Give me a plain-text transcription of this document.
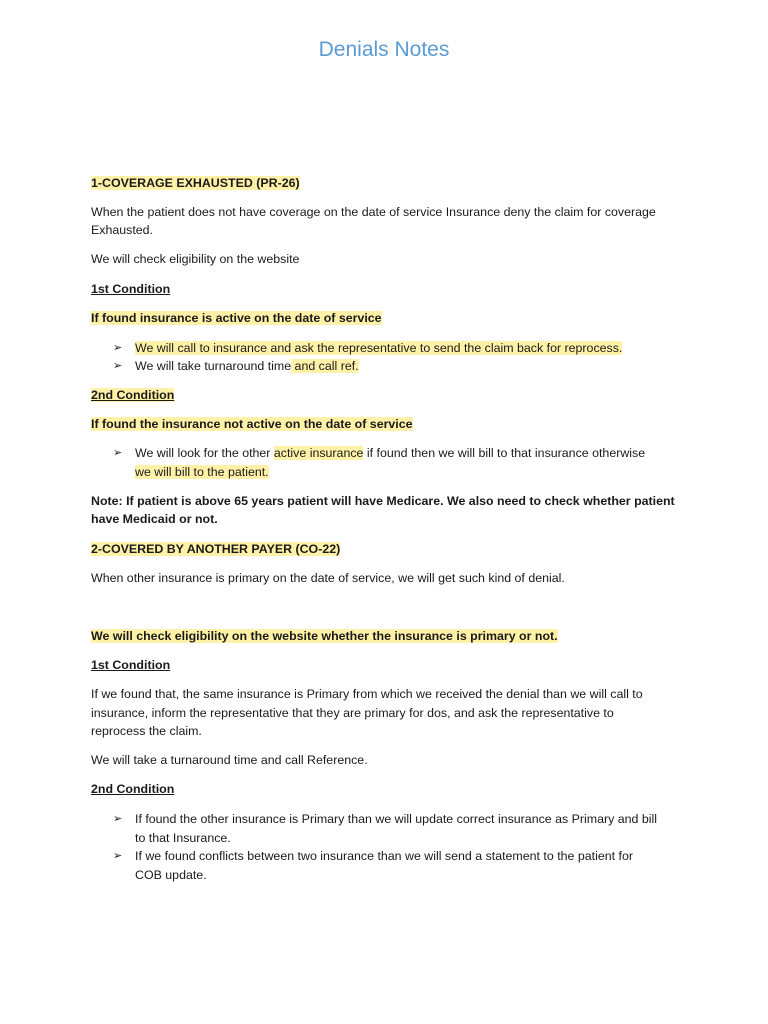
Denials Notes

1-COVERAGE EXHAUSTED (PR-26)

When the patient does not have coverage on the date of service Insurance deny the claim for coverage

Exhausted.

We will check eligibility on the website

1st Condition

If found insurance is active on the date of service

➢ We will call to insurance and ask the representative to send the claim back for reprocess.

➢ We will take turnaround time and call ref.

2nd Condition

If found the insurance not active on the date of service

➢ We will look for the other active insurance if found then we will bill to that insurance otherwise

we will bill to the patient.

Note: If patient is above 65 years patient will have Medicare. We also need to check whether patient

have Medicaid or not.

2-COVERED BY ANOTHER PAYER (CO-22)

When other insurance is primary on the date of service, we will get such kind of denial.

We will check eligibility on the website whether the insurance is primary or not.

1st Condition

If we found that, the same insurance is Primary from which we received the denial than we will call to

insurance, inform the representative that they are primary for dos, and ask the representative to

reprocess the claim.

We will take a turnaround time and call Reference.

2nd Condition

➢ If found the other insurance is Primary than we will update correct insurance as Primary and bill

to that Insurance.

➢ If we found conflicts between two insurance than we will send a statement to the patient for

COB update.
